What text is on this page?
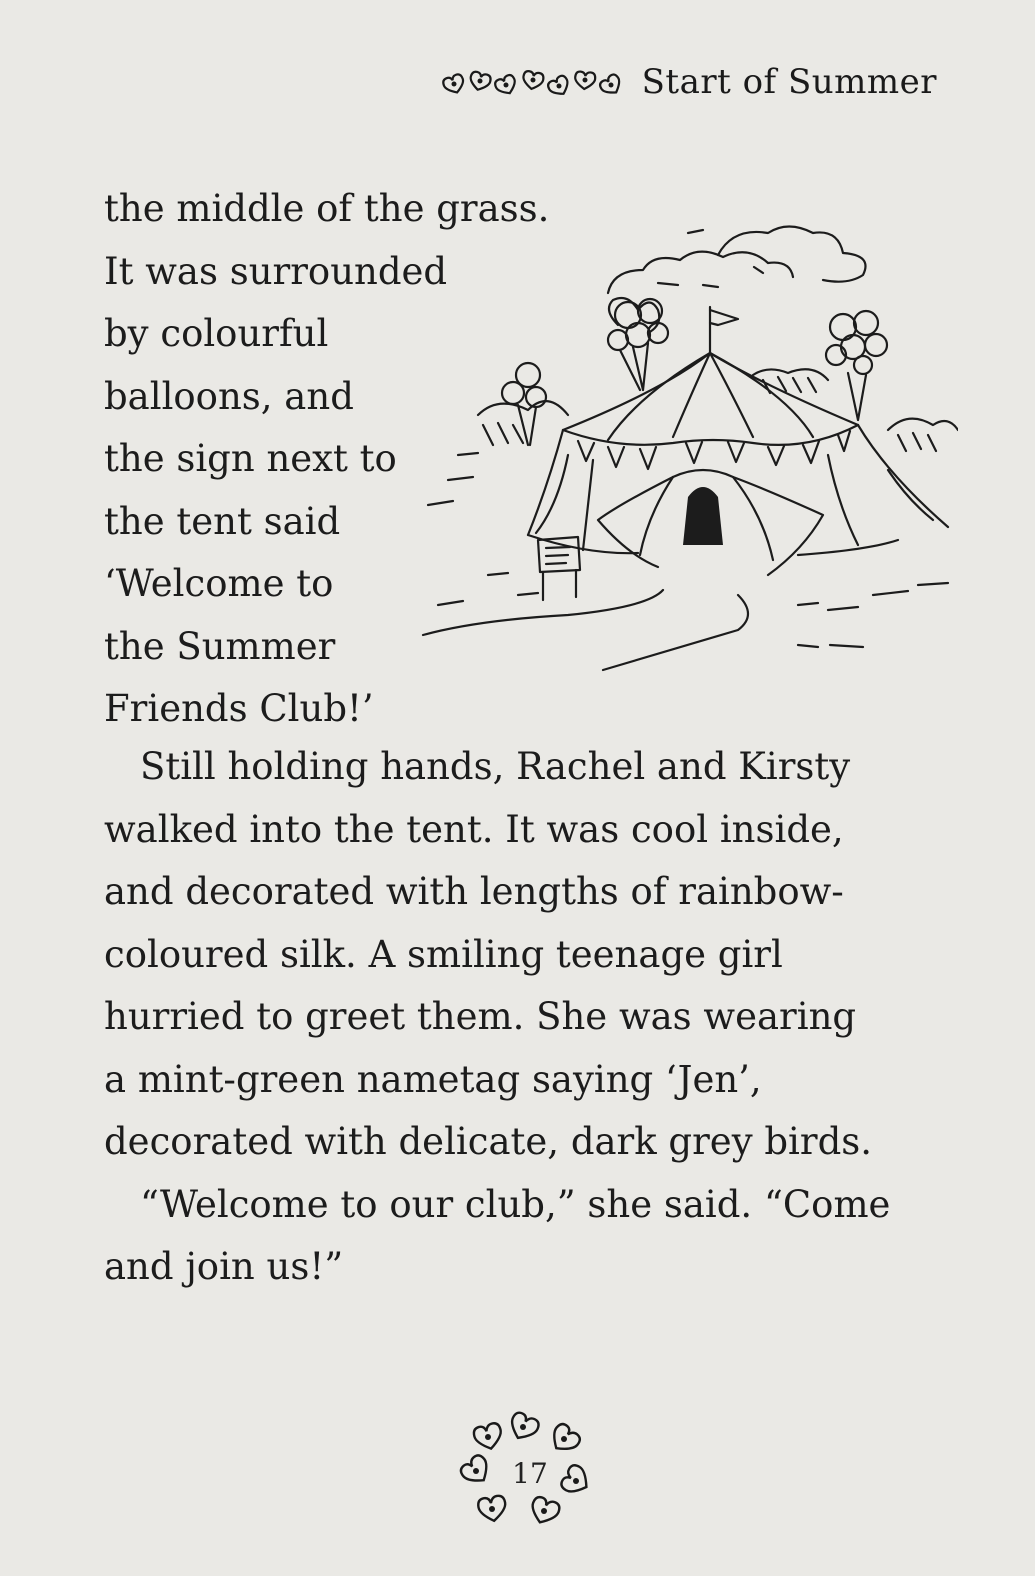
Start of Summer
the middle of the grass.
It was surrounded
by colourful
balloons, and
the sign next to
the tent said
‘Welcome to
the Summer
Friends Club!’
Still holding hands, Rachel and Kirsty
walked into the tent. It was cool inside,
and decorated with lengths of rainbow-
coloured silk. A smiling teenage girl
hurried to greet them. She was wearing
a mint-green nametag saying ‘Jen’,
decorated with delicate, dark grey birds.
“Welcome to our club,” she said. “Come
and join us!”
17
